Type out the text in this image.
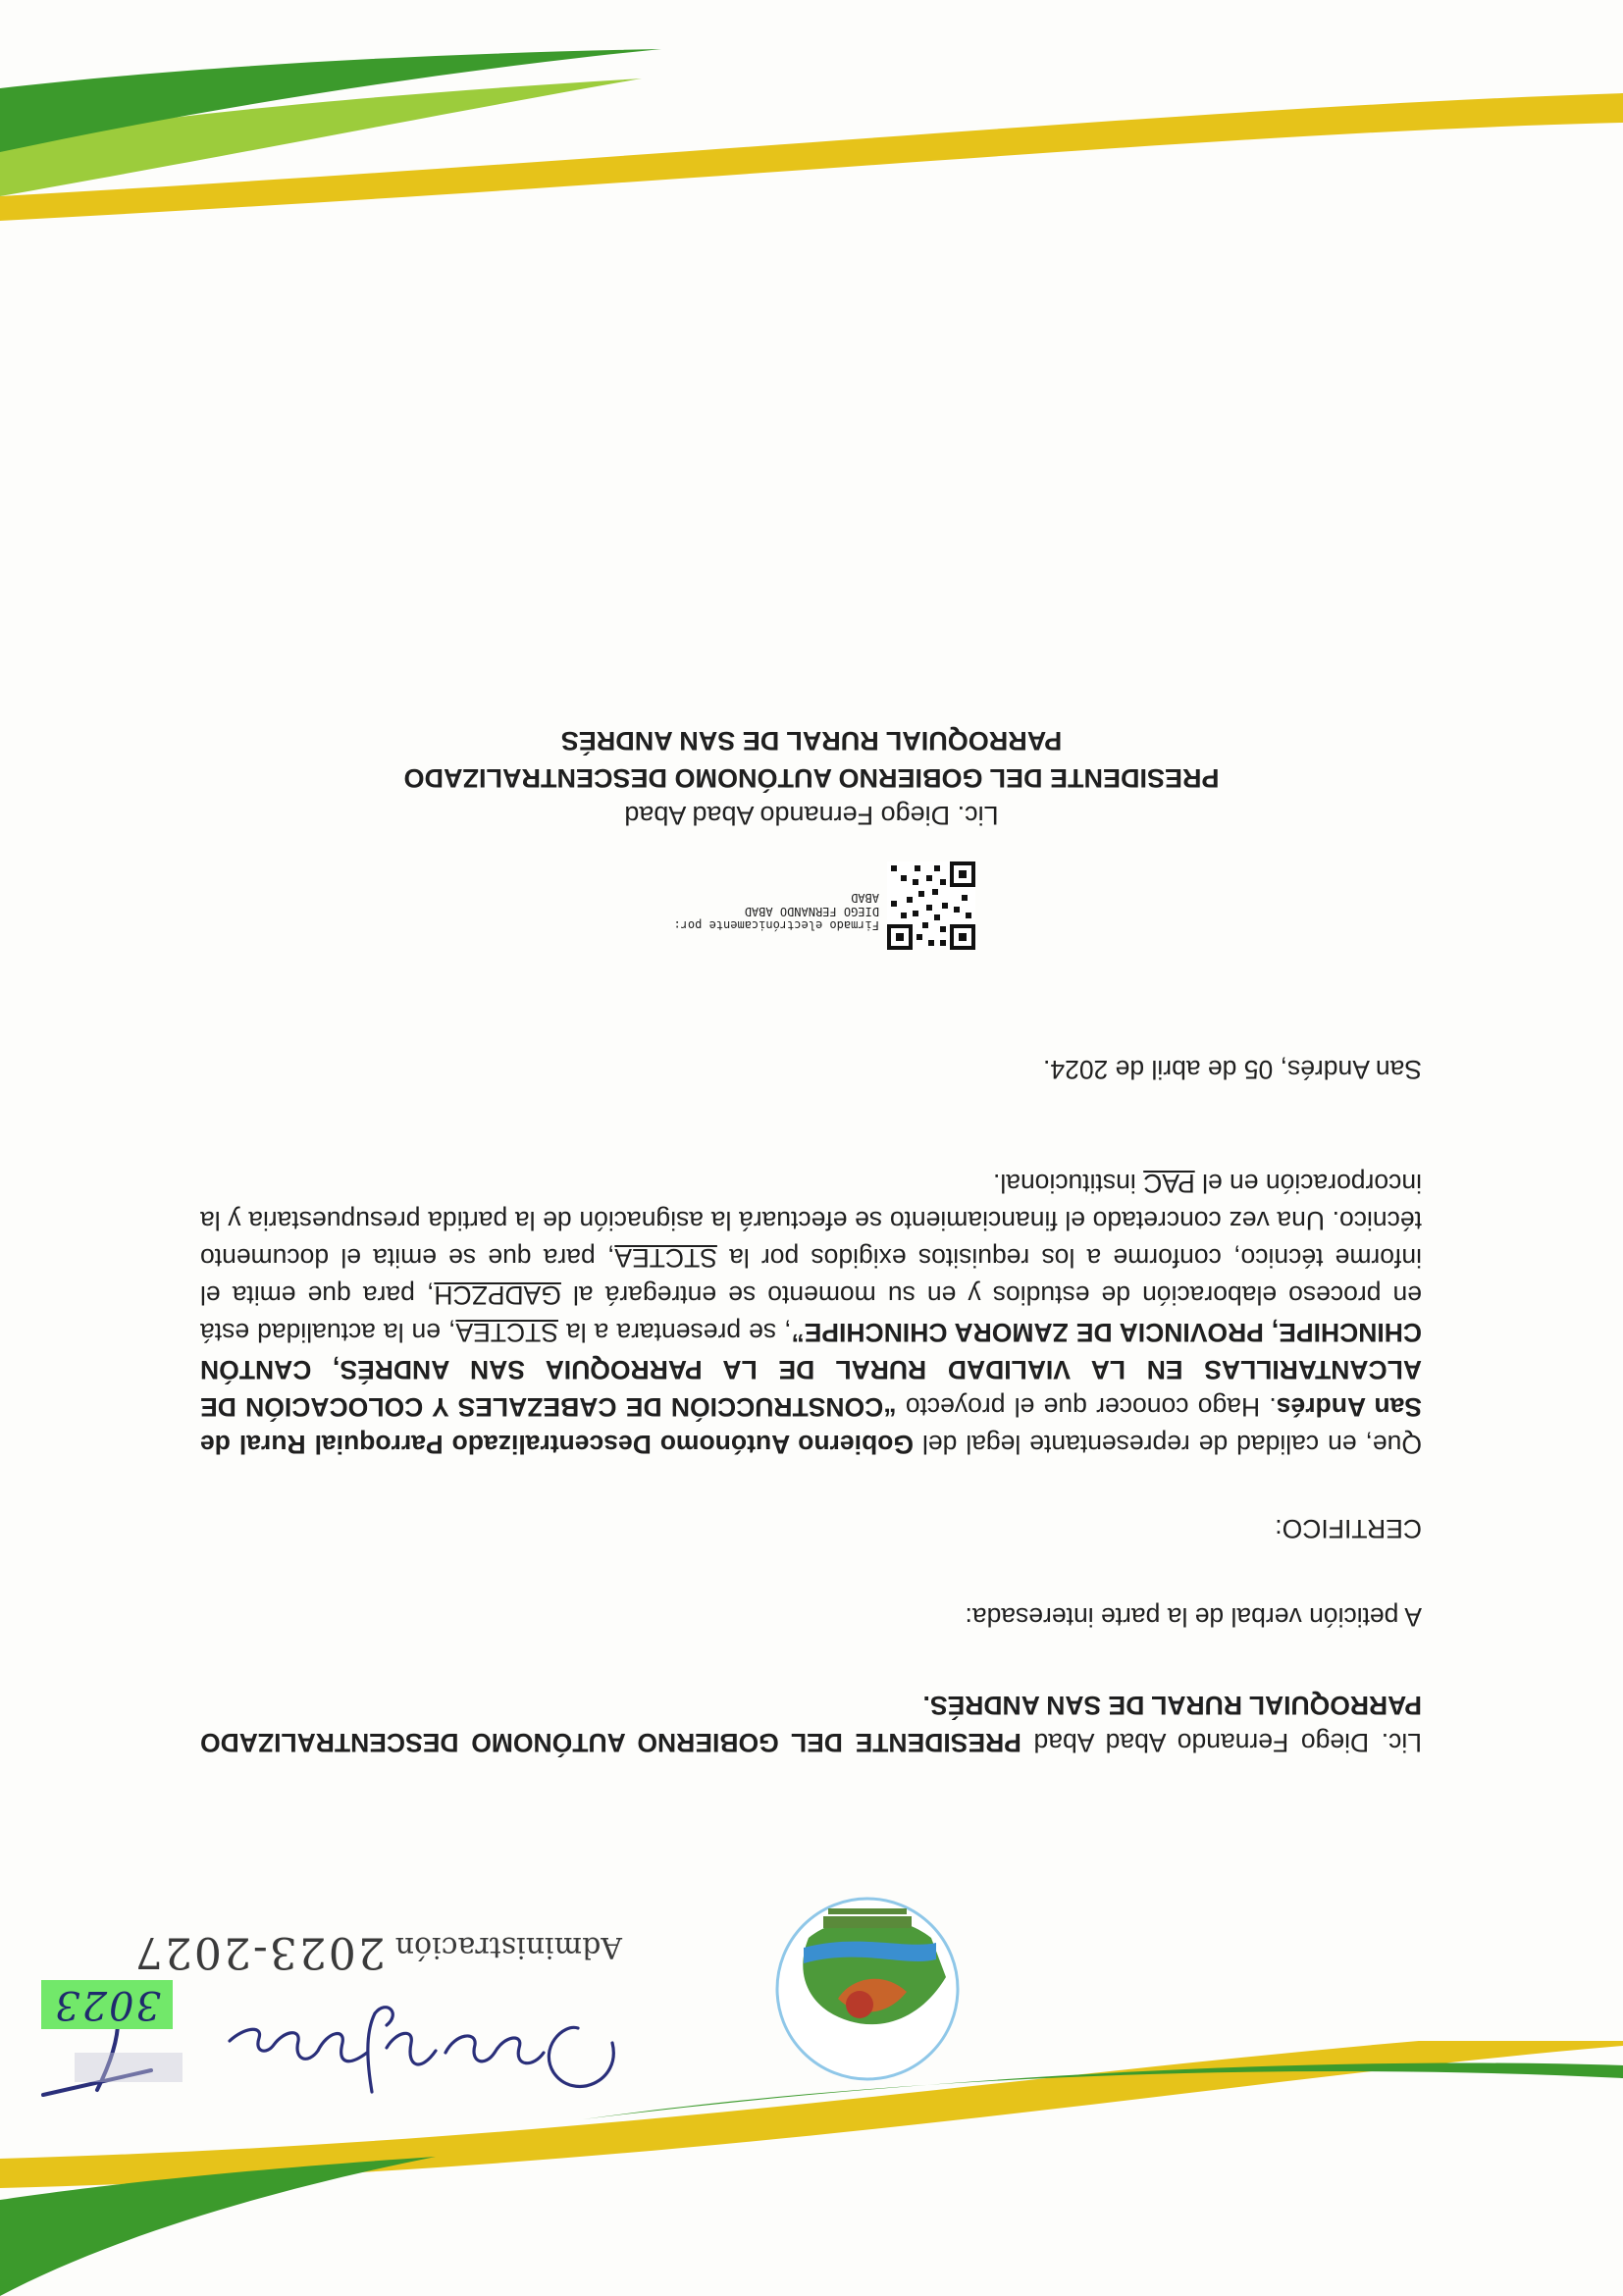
Administración2023-2027
3023

Lic. Diego Fernando Abad Abad PRESIDENTE DEL GOBIERNO AUTÓNOMO DESCENTRALIZADO PARROQUIAL RURAL DE SAN ANDRÉS.

A petición verbal de la parte interesada:

CERTIFICO:

Que, en calidad de representante legal del Gobierno Autónomo Descentralizado Parroquial Rural de San Andrés. Hago conocer que el proyecto “CONSTRUCCIÓN DE CABEZALES Y COLOCACIÓN DE ALCANTARILLAS EN LA VIALIDAD RURAL DE LA PARROQUIA SAN ANDRÉS, CANTÓN CHINCHIPE, PROVINCIA DE ZAMORA CHINCHIPE”, se presentara a la STCTEA, en la actualidad está en proceso elaboración de estudios y en su momento se entregará al GADPZCH, para que emita el informe técnico, conforme a los requisitos exigidos por la STCTEA, para que se emita el documento técnico. Una vez concretado el financiamiento se efectuará la asignación de la partida presupuestaria y la incorporación en el PAC institucional.

San Andrés, 05 de abril de 2024.

Firmado electrónicamente por:
DIEGO FERNANDO ABAD
ABAD
Lic. Diego Fernando Abad Abad
PRESIDENTE DEL GOBIERNO AUTÓNOMO DESCENTRALIZADO
PARROQUIAL RURAL DE SAN ANDRÉS
